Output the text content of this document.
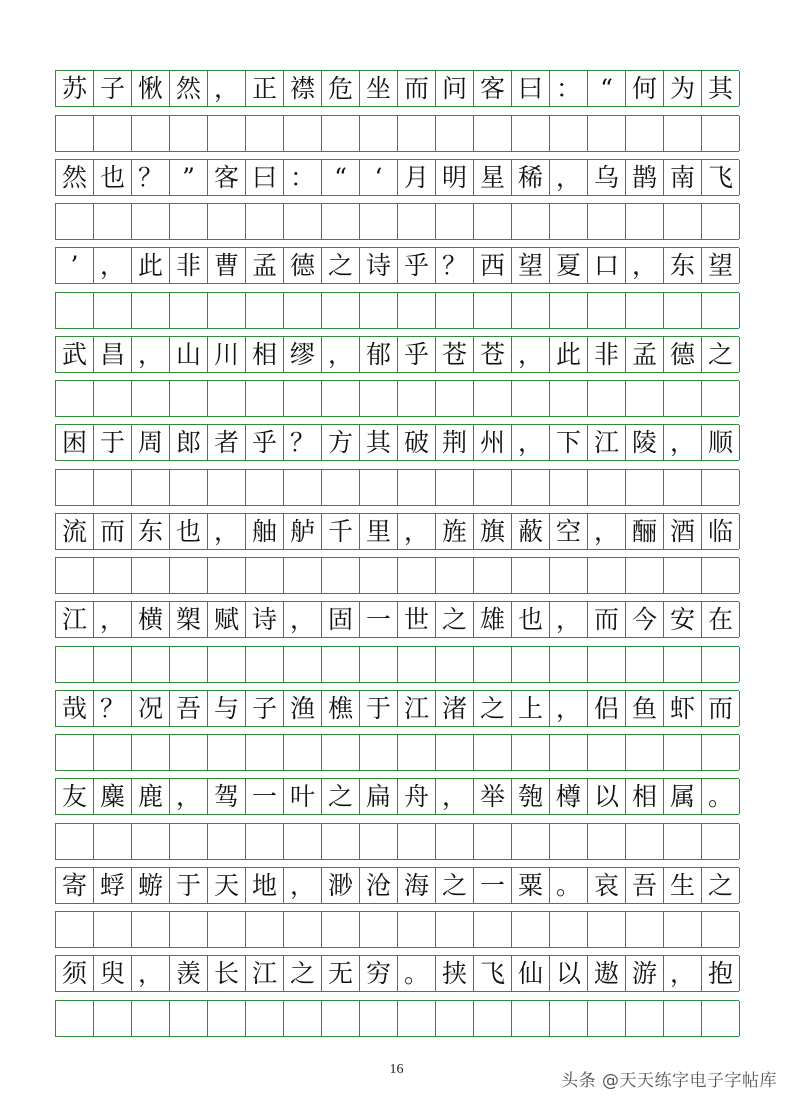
苏 子 愀 然 ， 正 襟 危 坐 而 问 客 曰 ： “ 何 为 其
然 也 ？ ” 客 曰 ： “	‘ 月 明 星 稀 ， 乌 鹊 南 飞
’ ， 此 非 曹 孟 德 之 诗 乎 ？ 西 望 夏 口 ， 东 望
武 昌 ， 山 川 相 缪 ， 郁 乎 苍 苍 ， 此 非 孟 德 之
困 于 周 郎 者 乎 ？ 方 其 破 荆 州 ， 下 江 陵 ， 顺
流 而 东 也 ， 舳 舻 千 里 ， 旌 旗 蔽 空 ， 酾 酒 临
江 ， 横 槊 赋 诗 ， 固 一 世 之 雄 也 ， 而 今 安 在
哉 ？ 况 吾 与 子 渔 樵 于 江 渚 之 上 ， 侣 鱼 虾 而
友 麋 鹿 ， 驾 一 叶 之 扁 舟 ， 举 匏 樽 以 相 属 。
寄 蜉 蝣 于 天 地 ， 渺 沧 海 之 一 粟 。 哀 吾 生 之
须 臾 ， 羡 长 江 之 无 穷 。 挟 飞 仙 以 遨 游 ， 抱
16
头条 @天天练字电子字帖库
